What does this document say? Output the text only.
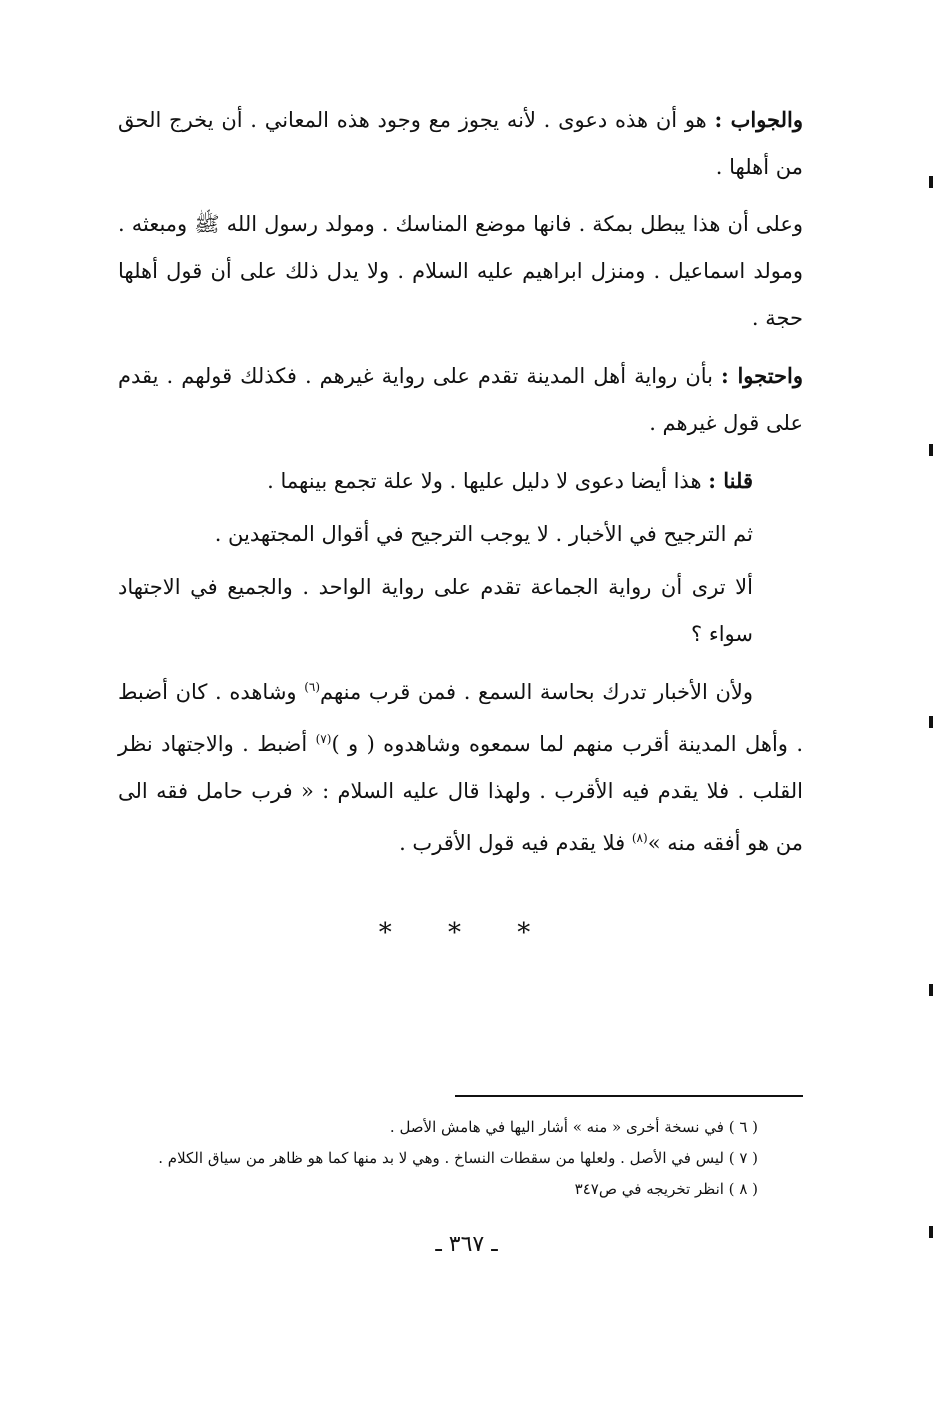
والجواب : هو أن هذه دعوى . لأنه يجوز مع وجود هذه المعاني . أن يخرج الحق من أهلها .

وعلى أن هذا يبطل بمكة . فانها موضع المناسك . ومولد رسول الله ﷺ ومبعثه . ومولد اسماعيل . ومنزل ابراهيم عليه السلام . ولا يدل ذلك على أن قول أهلها حجة .

واحتجوا : بأن رواية أهل المدينة تقدم على رواية غيرهم . فكذلك قولهم . يقدم على قول غيرهم .

قلنا : هذا أيضا دعوى لا دليل عليها . ولا علة تجمع بينهما .

ثم الترجيح في الأخبار . لا يوجب الترجيح في أقوال المجتهدين .

ألا ترى أن رواية الجماعة تقدم على رواية الواحد . والجميع في الاجتهاد سواء ؟

ولأن الأخبار تدرك بحاسة السمع . فمن قرب منهم$^{(٦)}$ وشاهده . كان أضبط . وأهل المدينة أقرب منهم لما سمعوه وشاهدوه ( و )$^{(٧)}$ أضبط . والاجتهاد نظر القلب . فلا يقدم فيه الأقرب . ولهذا قال عليه السلام : « فرب حامل فقه الى من هو أفقه منه »$^{(٨)}$ فلا يقدم فيه قول الأقرب .

* * *

( ٦ ) في نسخة أخرى « منه » أشار اليها في هامش الأصل .

( ٧ ) ليس في الأصل . ولعلها من سقطات النساخ . وهي لا بد منها كما هو ظاهر من سياق الكلام .

( ٨ ) انظر تخريجه في ص٣٤٧

ـ ٣٦٧ ـ
